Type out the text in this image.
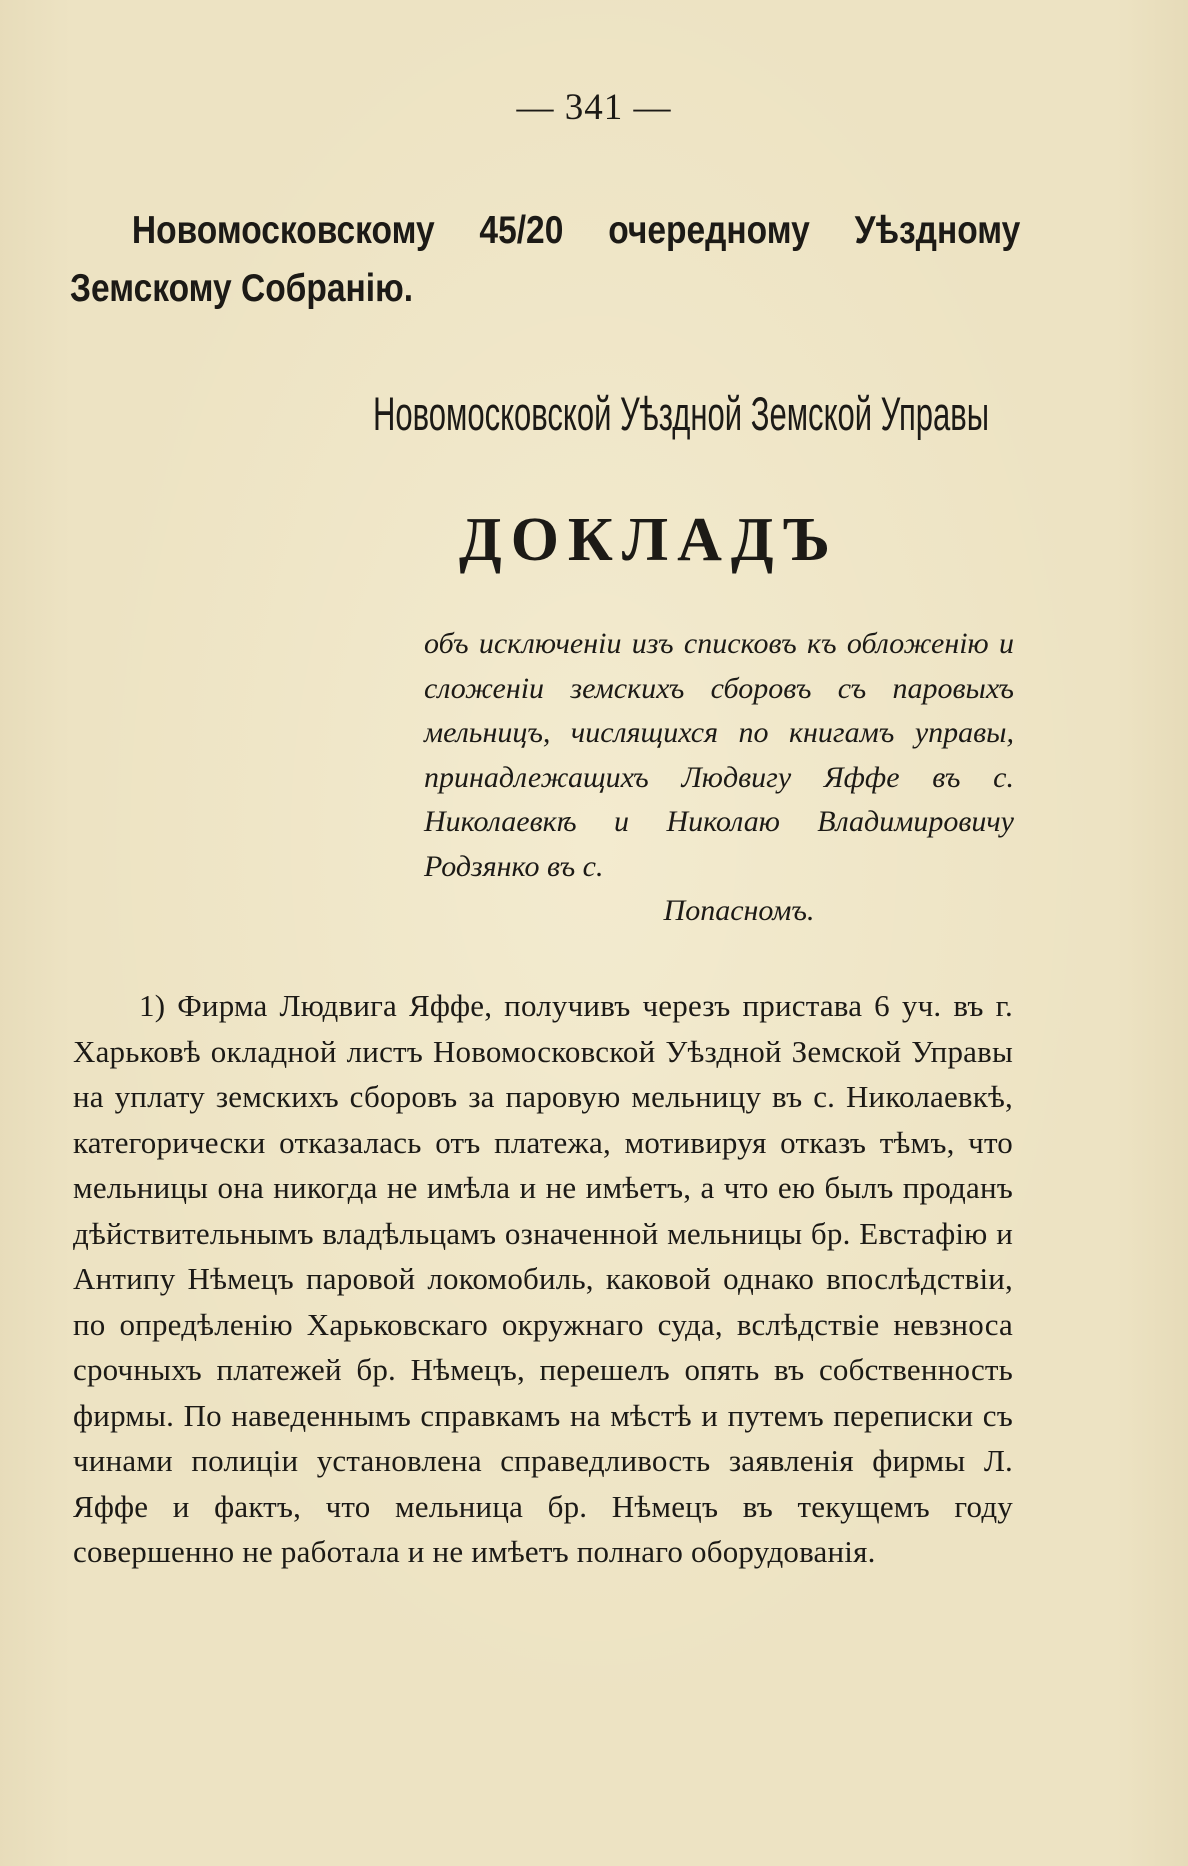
— 341 —
Новомосковскому 45/20 очередному Уѣздному
Земскому Собранію.
Новомосковской Уѣздной Земской Управы
ДОКЛАДЪ
объ исключеніи изъ списковъ къ обложенію и сложеніи земскихъ сборовъ съ паровыхъ мельницъ, числящихся по книгамъ управы, принадлежащихъ Людвигу Яффе въ с. Николаевкѣ и Николаю Владимировичу Родзянко въ с.
Попасномъ.

1) Фирма Людвига Яффе, получивъ черезъ пристава 6 уч. въ г. Харьковѣ окладной листъ Новомосковской Уѣздной Земской Управы на уплату земскихъ сборовъ за паровую мельницу въ с. Николаевкѣ, категорически отказалась отъ платежа, мотивируя отказъ тѣмъ, что мельницы она никогда не имѣла и не имѣетъ, а что ею былъ проданъ дѣйствительнымъ владѣльцамъ означенной мельницы бр. Евстафію и Антипу Нѣмецъ паровой локомобиль, каковой однако впослѣдствіи, по опредѣленію Харьковскаго окружнаго суда, вслѣдствіе невзноса срочныхъ платежей бр. Нѣмецъ, перешелъ опять въ собственность фирмы. По наведеннымъ справкамъ на мѣстѣ и путемъ переписки съ чинами полиціи установлена справедливость заявленія фирмы Л. Яффе и фактъ, что мельница бр. Нѣмецъ въ текущемъ году совершенно не работала и не имѣетъ полнаго оборудованія.
